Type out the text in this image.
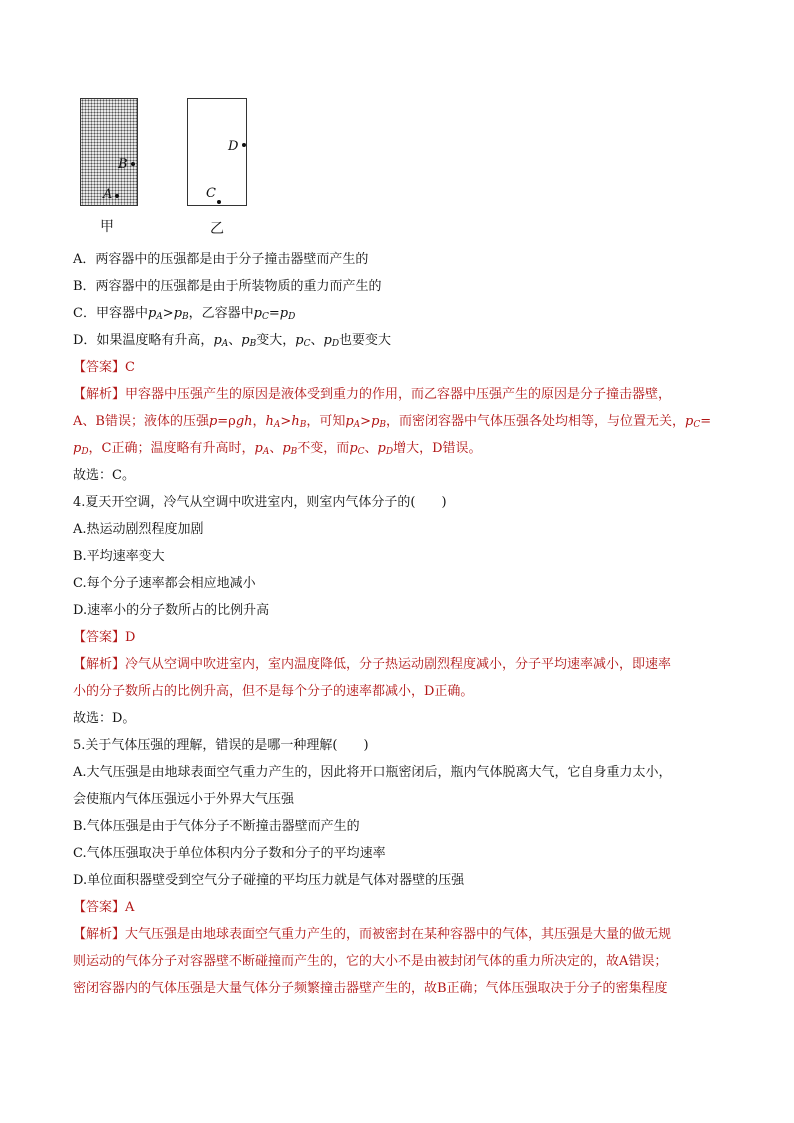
B
A
甲
D
C
乙
A．两容器中的压强都是由于分子撞击器壁而产生的
B．两容器中的压强都是由于所装物质的重力而产生的
C．甲容器中$p_A>p_B$，乙容器中$p_C=p_D$
D．如果温度略有升高，$p_A$、$p_B$变大，$p_C$、$p_D$也要变大
【答案】C
【解析】甲容器中压强产生的原因是液体受到重力的作用，而乙容器中压强产生的原因是分子撞击器壁，
A、B错误；液体的压强p=ρgh，$h_A>h_B$，可知$p_A>p_B$，而密闭容器中气体压强各处均相等，与位置无关，$p_C=$
$p_D$，C正确；温度略有升高时，$p_A$、$p_B$不变，而$p_C$、$p_D$增大，D错误。
故选：C。
4.夏天开空调，冷气从空调中吹进室内，则室内气体分子的(　　)
A.热运动剧烈程度加剧
B.平均速率变大
C.每个分子速率都会相应地减小
D.速率小的分子数所占的比例升高
【答案】D
【解析】冷气从空调中吹进室内，室内温度降低，分子热运动剧烈程度减小，分子平均速率减小，即速率
小的分子数所占的比例升高，但不是每个分子的速率都减小，D正确。
故选：D。
5.关于气体压强的理解，错误的是哪一种理解(　　)
A.大气压强是由地球表面空气重力产生的，因此将开口瓶密闭后，瓶内气体脱离大气，它自身重力太小，
会使瓶内气体压强远小于外界大气压强
B.气体压强是由于气体分子不断撞击器壁而产生的
C.气体压强取决于单位体积内分子数和分子的平均速率
D.单位面积器壁受到空气分子碰撞的平均压力就是气体对器壁的压强
【答案】A
【解析】大气压强是由地球表面空气重力产生的，而被密封在某种容器中的气体，其压强是大量的做无规
则运动的气体分子对容器壁不断碰撞而产生的，它的大小不是由被封闭气体的重力所决定的，故A错误；
密闭容器内的气体压强是大量气体分子频繁撞击器壁产生的，故B正确；气体压强取决于分子的密集程度
